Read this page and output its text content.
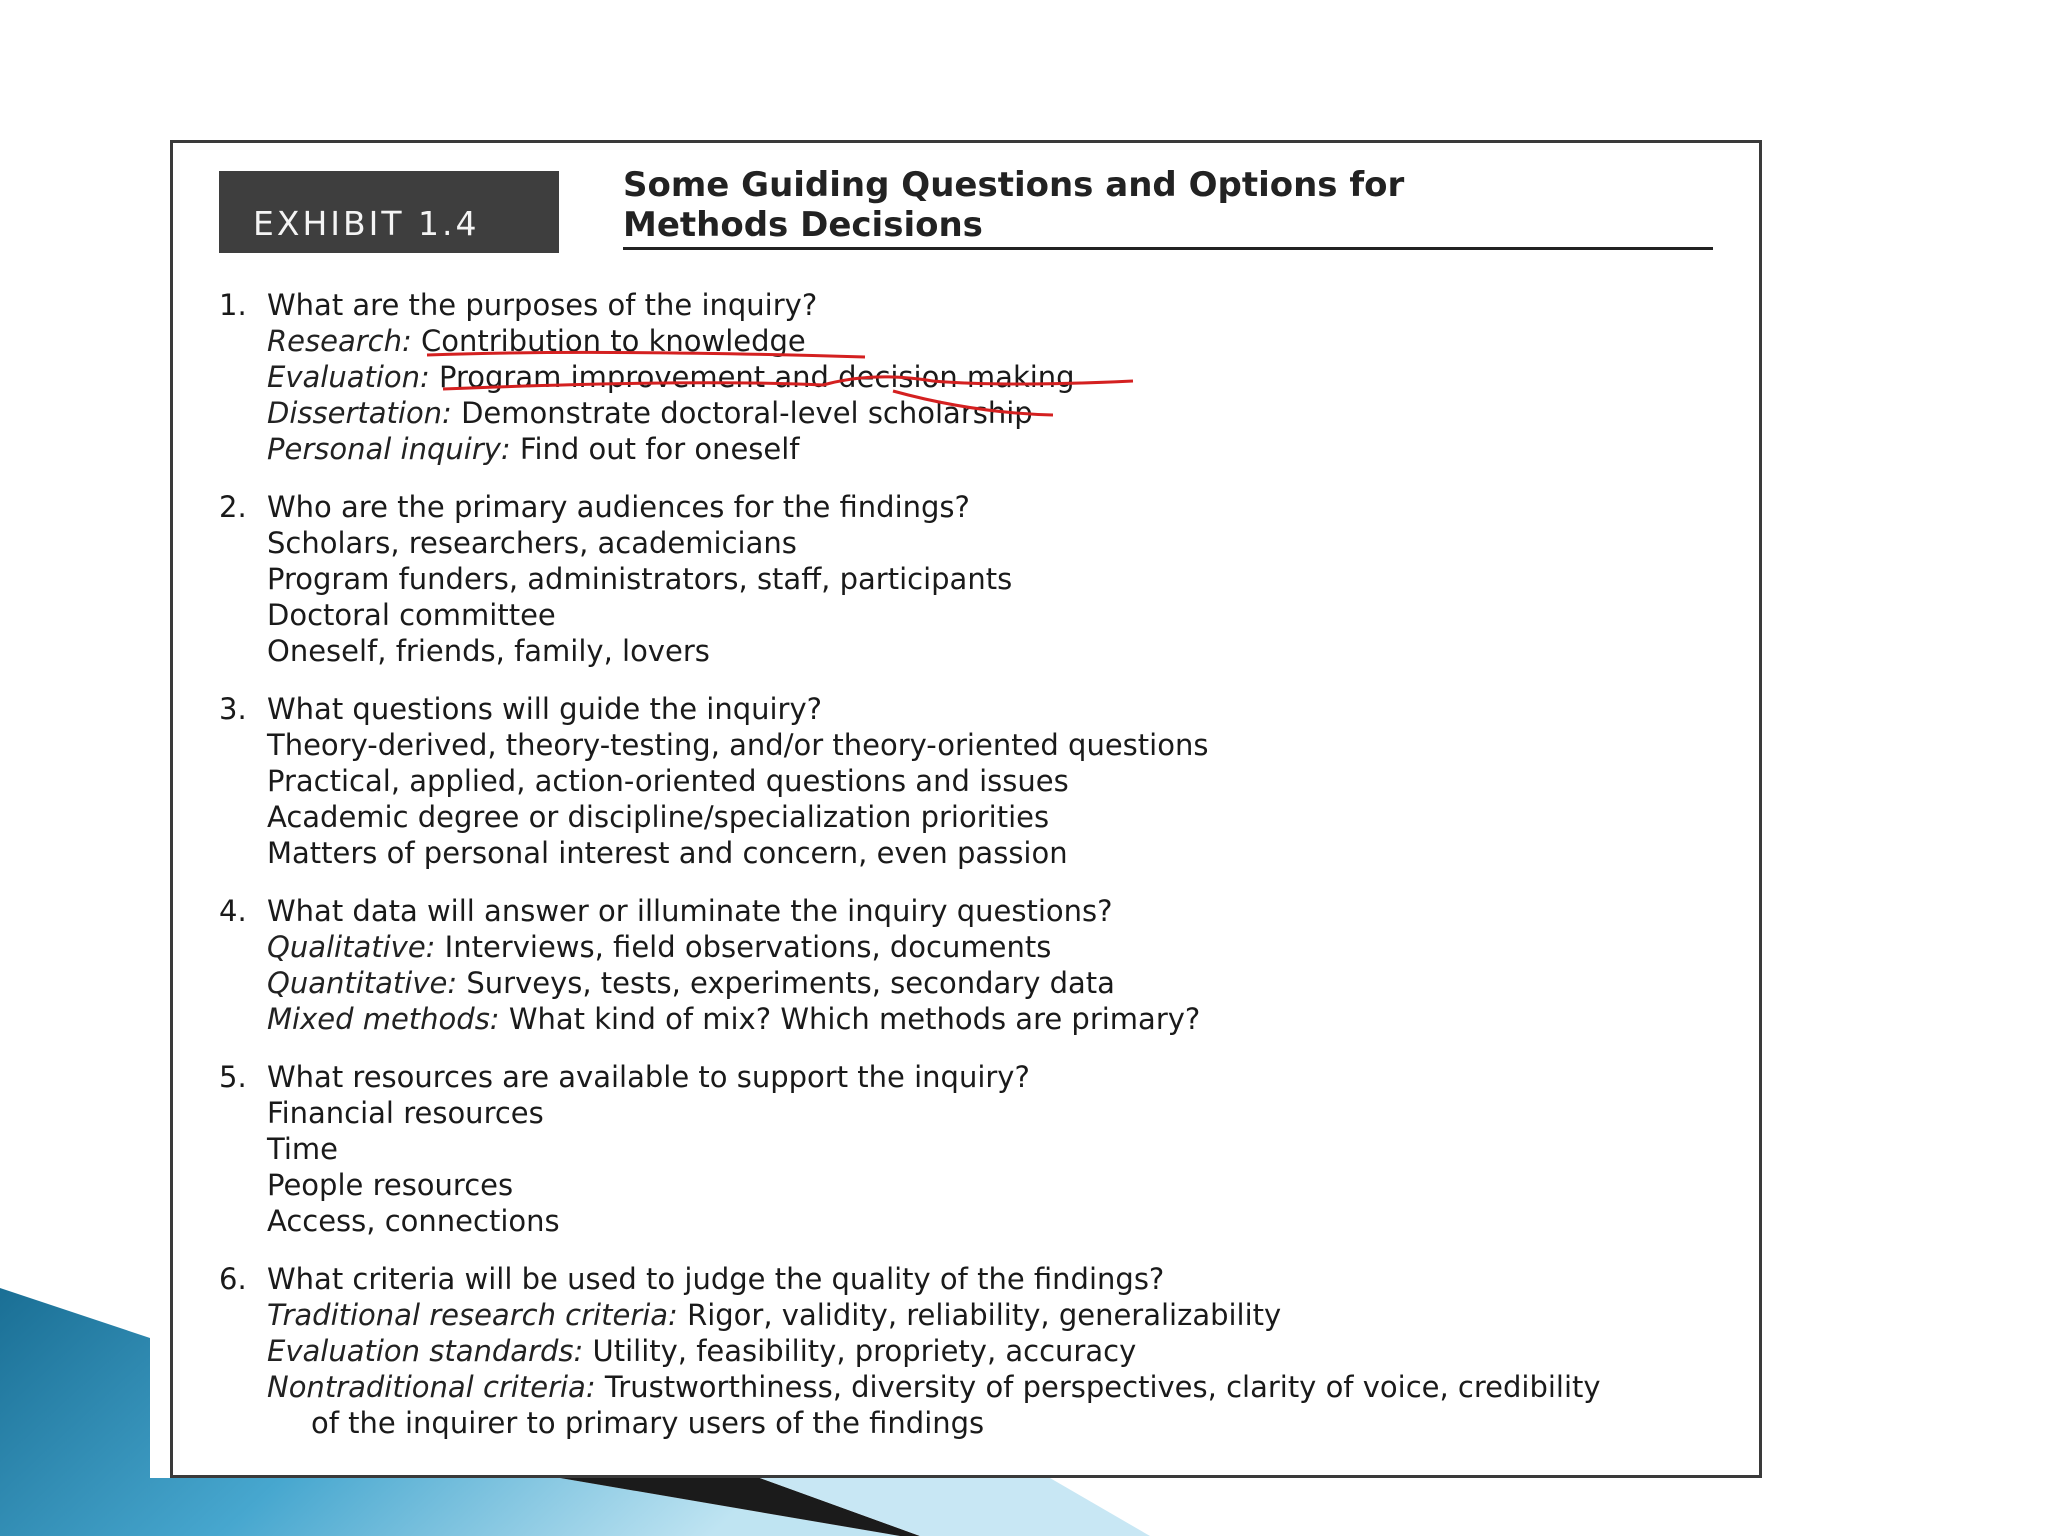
EXHIBIT 1.4
Some Guiding Questions and Options for
Methods Decisions
1. What are the purposes of the inquiry?
Research: Contribution to knowledge
Evaluation: Program improvement and decision making
Dissertation: Demonstrate doctoral-level scholarship
Personal inquiry: Find out for oneself
2. Who are the primary audiences for the findings?
Scholars, researchers, academicians
Program funders, administrators, staff, participants
Doctoral committee
Oneself, friends, family, lovers
3. What questions will guide the inquiry?
Theory-derived, theory-testing, and/or theory-oriented questions
Practical, applied, action-oriented questions and issues
Academic degree or discipline/specialization priorities
Matters of personal interest and concern, even passion
4. What data will answer or illuminate the inquiry questions?
Qualitative: Interviews, field observations, documents
Quantitative: Surveys, tests, experiments, secondary data
Mixed methods: What kind of mix? Which methods are primary?
5. What resources are available to support the inquiry?
Financial resources
Time
People resources
Access, connections
6. What criteria will be used to judge the quality of the findings?
Traditional research criteria: Rigor, validity, reliability, generalizability
Evaluation standards: Utility, feasibility, propriety, accuracy
Nontraditional criteria: Trustworthiness, diversity of perspectives, clarity of voice, credibility
of the inquirer to primary users of the findings
